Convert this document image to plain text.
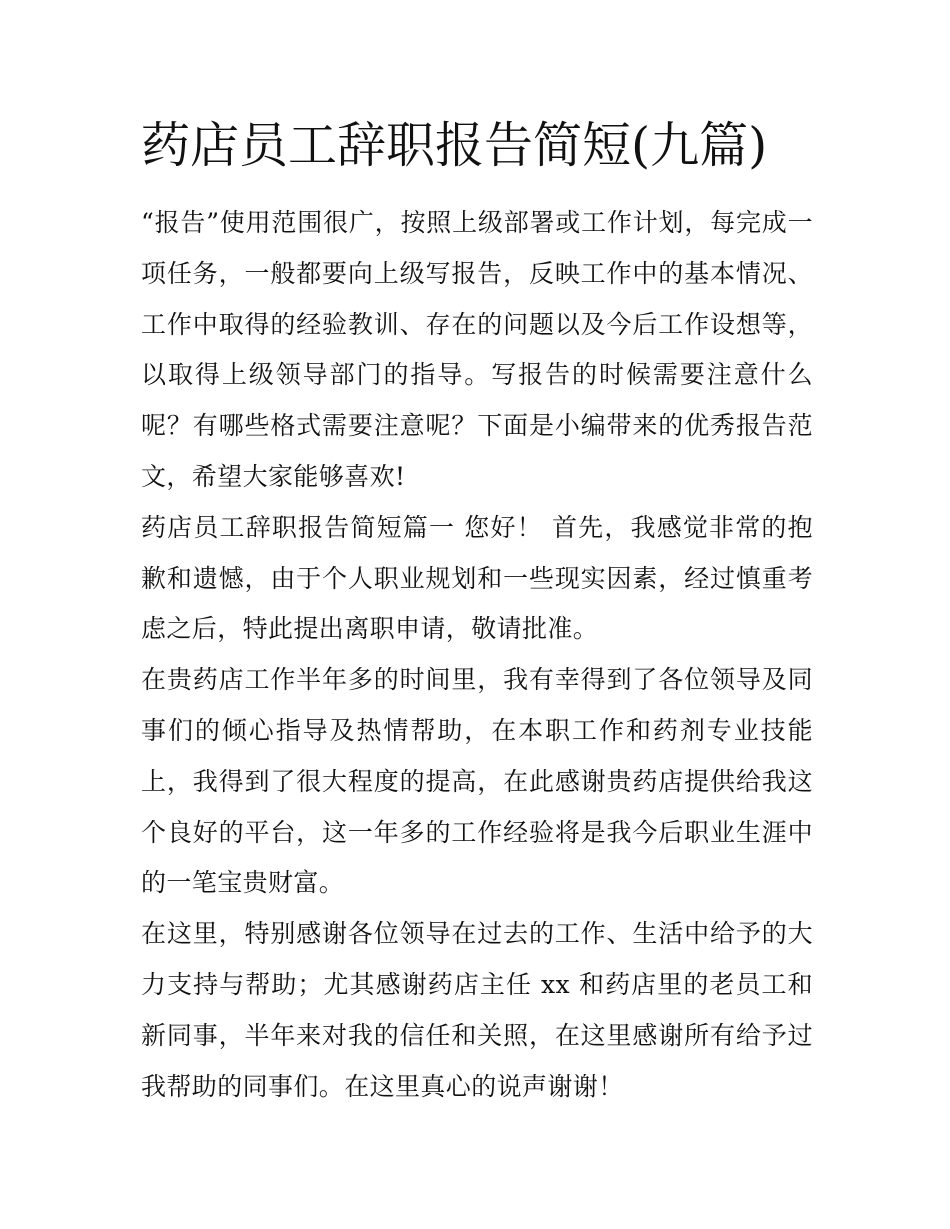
药店员工辞职报告简短(九篇)

“报告”使用范围很广，按照上级部署或工作计划，每完成一项任务，一般都要向上级写报告，反映工作中的基本情况、工作中取得的经验教训、存在的问题以及今后工作设想等，以取得上级领导部门的指导。写报告的时候需要注意什么呢？有哪些格式需要注意呢？下面是小编带来的优秀报告范文，希望大家能够喜欢!

药店员工辞职报告简短篇一 您好！ 首先，我感觉非常的抱歉和遗憾，由于个人职业规划和一些现实因素，经过慎重考虑之后，特此提出离职申请，敬请批准。

在贵药店工作半年多的时间里，我有幸得到了各位领导及同事们的倾心指导及热情帮助，在本职工作和药剂专业技能上，我得到了很大程度的提高，在此感谢贵药店提供给我这个良好的平台，这一年多的工作经验将是我今后职业生涯中的一笔宝贵财富。

在这里，特别感谢各位领导在过去的工作、生活中给予的大力支持与帮助；尤其感谢药店主任 xx 和药店里的老员工和新同事，半年来对我的信任和关照，在这里感谢所有给予过我帮助的同事们。在这里真心的说声谢谢！
